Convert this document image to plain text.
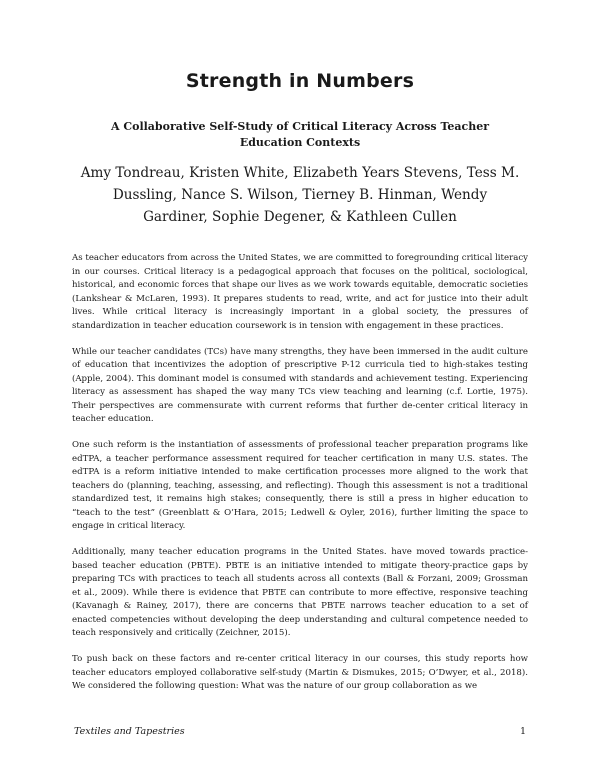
Strength in Numbers
A Collaborative Self-Study of Critical Literacy Across Teacher Education Contexts
Amy Tondreau, Kristen White, Elizabeth Years Stevens, Tess M. Dussling, Nance S. Wilson, Tierney B. Hinman, Wendy Gardiner, Sophie Degener, & Kathleen Cullen

As teacher educators from across the United States, we are committed to foregrounding critical literacy in our courses. Critical literacy is a pedagogical approach that focuses on the political, sociological, historical, and economic forces that shape our lives as we work towards equitable, democratic societies (Lankshear & McLaren, 1993). It prepares students to read, write, and act for justice into their adult lives. While critical literacy is increasingly important in a global society, the pressures of standardization in teacher education coursework is in tension with engagement in these practices.

While our teacher candidates (TCs) have many strengths, they have been immersed in the audit culture of education that incentivizes the adoption of prescriptive P-12 curricula tied to high-stakes testing (Apple, 2004). This dominant model is consumed with standards and achievement testing. Experiencing literacy as assessment has shaped the way many TCs view teaching and learning (c.f. Lortie, 1975). Their perspectives are commensurate with current reforms that further de-center critical literacy in teacher education.

One such reform is the instantiation of assessments of professional teacher preparation programs like edTPA, a teacher performance assessment required for teacher certification in many U.S. states. The edTPA is a reform initiative intended to make certification processes more aligned to the work that teachers do (planning, teaching, assessing, and reflecting). Though this assessment is not a traditional standardized test, it remains high stakes; consequently, there is still a press in higher education to “teach to the test” (Greenblatt & O’Hara, 2015; Ledwell & Oyler, 2016), further limiting the space to engage in critical literacy.

Additionally, many teacher education programs in the United States. have moved towards practice-based teacher education (PBTE). PBTE is an initiative intended to mitigate theory-practice gaps by preparing TCs with practices to teach all students across all contexts (Ball & Forzani, 2009; Grossman et al., 2009). While there is evidence that PBTE can contribute to more effective, responsive teaching (Kavanagh & Rainey, 2017), there are concerns that PBTE narrows teacher education to a set of enacted competencies without developing the deep understanding and cultural competence needed to teach responsively and critically (Zeichner, 2015).

To push back on these factors and re-center critical literacy in our courses, this study reports how teacher educators employed collaborative self-study (Martin & Dismukes, 2015; O’Dwyer, et al., 2018). We considered the following question: What was the nature of our group collaboration as we

Textiles and Tapestries	1
